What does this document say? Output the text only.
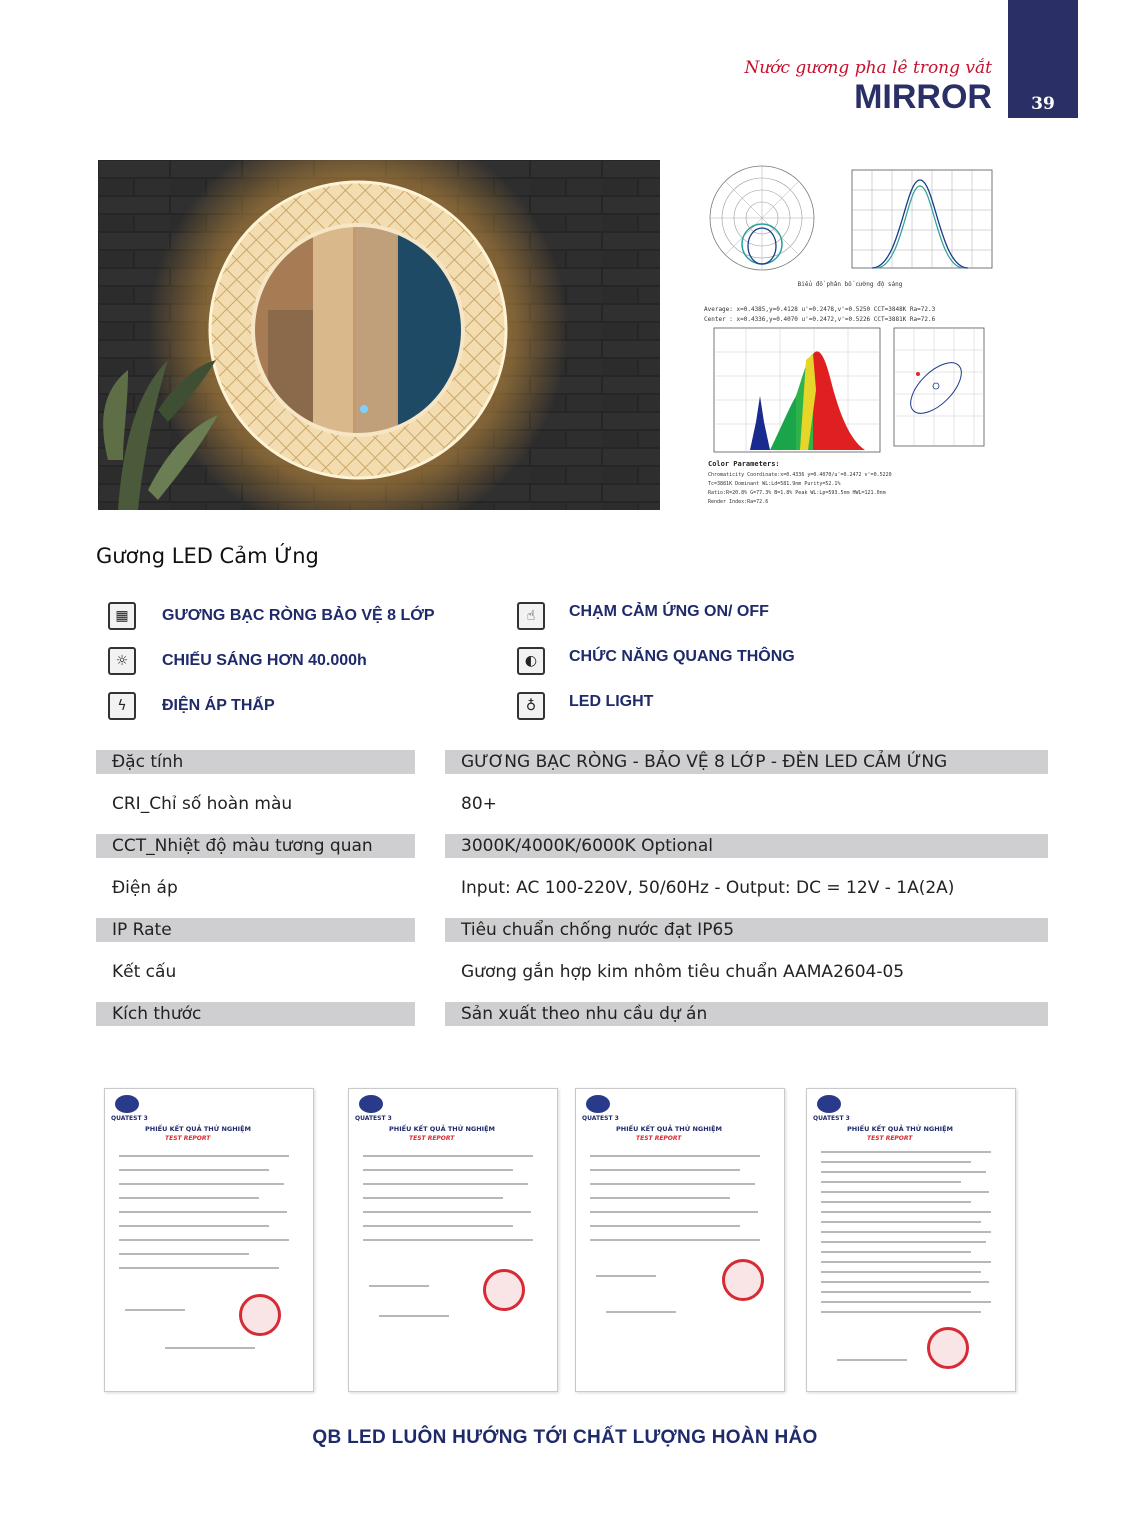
39
Nước gương pha lê trong vắt
MIRROR
Biểu đồ phân bố cường độ sáng
Average: x=0.4385,y=0.4128 u'=0.2478,v'=0.5250 CCT=3848K Ra=72.3
Center : x=0.4336,y=0.4070 u'=0.2472,v'=0.5226 CCT=3881K Ra=72.6
Color Parameters:
Chromaticity Coordinate:x=0.4336 y=0.4070/u'=0.2472 v'=0.5220
Tc=3881K Dominant WL:Ld=581.9nm Purity=52.1%
Ratio:R=20.8% G=77.3% B=1.8% Peak WL:Lp=593.5nm HWL=121.0nm
Render Index:Ra=72.6
Gương LED Cảm Ứng
▦	GƯƠNG BẠC RÒNG BẢO VỆ 8 LỚP	☝	CHẠM CẢM ỨNG ON/ OFF
☼	CHIẾU SÁNG HƠN 40.000h	◐	CHỨC NĂNG QUANG THÔNG
ϟ	ĐIỆN ÁP THẤP	♁	LED LIGHT
Đặc tính	GƯƠNG BẠC RÒNG - BẢO VỆ 8 LỚP - ĐÈN LED CẢM ỨNG
CRI_Chỉ số hoàn màu	80+
CCT_Nhiệt độ màu tương quan	3000K/4000K/6000K Optional
Điện áp	Input: AC 100-220V, 50/60Hz - Output: DC = 12V - 1A(2A)
IP Rate	Tiêu chuẩn chống nước đạt IP65
Kết cấu	Gương gắn hợp kim nhôm tiêu chuẩn AAMA2604-05
Kích thước	Sản xuất theo nhu cầu dự án
QUATEST 3
PHIẾU KẾT QUẢ THỬ NGHIỆM
TEST REPORT
QUATEST 3
PHIẾU KẾT QUẢ THỬ NGHIỆM
TEST REPORT
QUATEST 3
PHIẾU KẾT QUẢ THỬ NGHIỆM
TEST REPORT
QUATEST 3
PHIẾU KẾT QUẢ THỬ NGHIỆM
TEST REPORT
QB LED LUÔN HƯỚNG TỚI CHẤT LƯỢNG HOÀN HẢO
